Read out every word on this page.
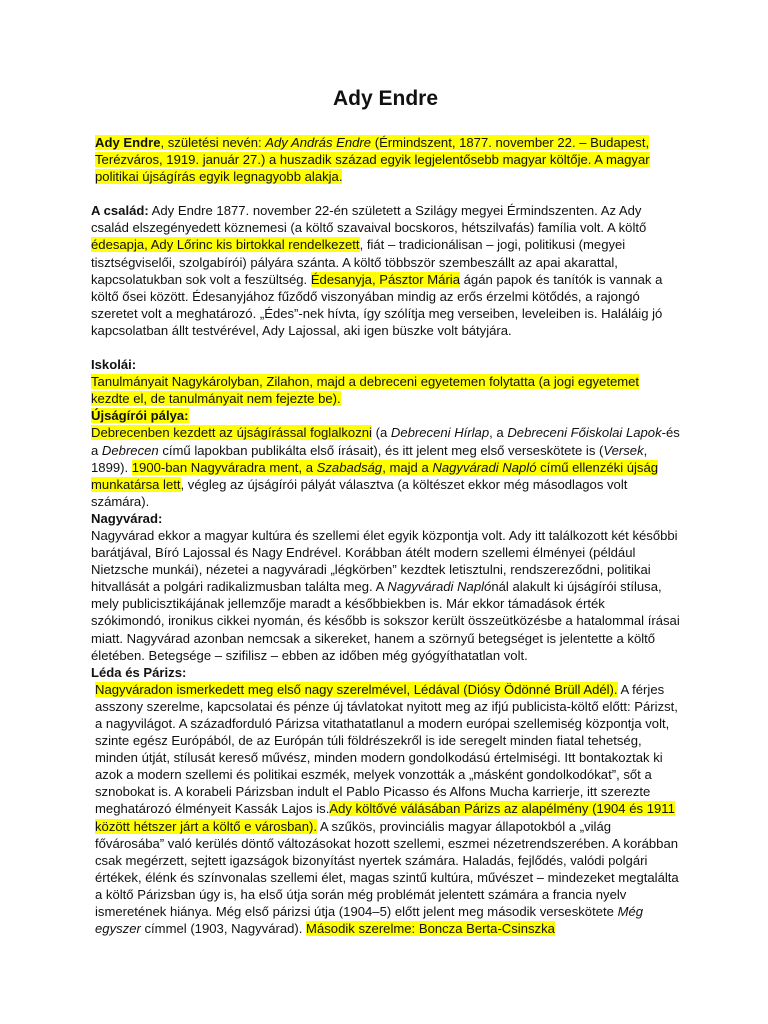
Ady Endre

Ady Endre, születési nevén: Ady András Endre (Érmindszent, 1877. november 22. – Budapest, Terézváros, 1919. január 27.) a huszadik század egyik legjelentősebb magyar költője. A magyar politikai újságírás egyik legnagyobb alakja.

A család: Ady Endre 1877. november 22-én született a Szilágy megyei Érmindszenten. Az Ady család elszegényedett köznemesi (a költő szavaival bocskoros, hétszilvafás) família volt. A költő édesapja, Ady Lőrinc kis birtokkal rendelkezett, fiát – tradicionálisan – jogi, politikusi (megyei tisztségviselői, szolgabírói) pályára szánta. A költő többször szembeszállt az apai akarattal, kapcsolatukban sok volt a feszültség. Édesanyja, Pásztor Mária ágán papok és tanítók is vannak a költő ősei között. Édesanyjához fűződő viszonyában mindig az erős érzelmi kötődés, a rajongó szeretet volt a meghatározó. „Édes”-nek hívta, így szólítja meg verseiben, leveleiben is. Haláláig jó kapcsolatban állt testvérével, Ady Lajossal, aki igen büszke volt bátyjára.

Iskolái:

Tanulmányait Nagykárolyban, Zilahon, majd a debreceni egyetemen folytatta (a jogi egyetemet kezdte el, de tanulmányait nem fejezte be).

Újságírói pálya:

Debrecenben kezdett az újságírással foglalkozni (a Debreceni Hírlap, a Debreceni Főiskolai Lapok-és a Debrecen című lapokban publikálta első írásait), és itt jelent meg első verseskötete is (Versek, 1899). 1900-ban Nagyváradra ment, a Szabadság, majd a Nagyváradi Napló című ellenzéki újság munkatársa lett, végleg az újságírói pályát választva (a költészet ekkor még másodlagos volt számára).

Nagyvárad:

Nagyvárad ekkor a magyar kultúra és szellemi élet egyik központja volt. Ady itt találkozott két későbbi barátjával, Bíró Lajossal és Nagy Endrével. Korábban átélt modern szellemi élményei (például Nietzsche munkái), nézetei a nagyváradi „légkörben” kezdtek letisztulni, rendszereződni, politikai hitvallását a polgári radikalizmusban találta meg. A Nagyváradi Naplónál alakult ki újságírói stílusa, mely publicisztikájának jellemzője maradt a későbbiekben is. Már ekkor támadások érték szókimondó, ironikus cikkei nyomán, és később is sokszor került összeütközésbe a hatalommal írásai miatt. Nagyvárad azonban nemcsak a sikereket, hanem a szörnyű betegséget is jelentette a költő életében. Betegsége – szifilisz – ebben az időben még gyógyíthatatlan volt.

Léda és Párizs:

Nagyváradon ismerkedett meg első nagy szerelmével, Lédával (Diósy Ödönné Brüll Adél). A férjes asszony szerelme, kapcsolatai és pénze új távlatokat nyitott meg az ifjú publicista-költő előtt: Párizst, a nagyvilágot. A századforduló Párizsa vitathatatlanul a modern európai szellemiség központja volt, szinte egész Európából, de az Európán túli földrészekről is ide seregelt minden fiatal tehetség, minden útját, stílusát kereső művész, minden modern gondolkodású értelmiségi. Itt bontakoztak ki azok a modern szellemi és politikai eszmék, melyek vonzották a „másként gondolkodókat”, sőt a sznobokat is. A korabeli Párizsban indult el Pablo Picasso és Alfons Mucha karrierje, itt szerezte meghatározó élményeit Kassák Lajos is.Ady költővé válásában Párizs az alapélmény (1904 és 1911 között hétszer járt a költő e városban). A szűkös, provinciális magyar állapotokból a „világ fővárosába” való kerülés döntő változásokat hozott szellemi, eszmei nézetrendszerében. A korábban csak megérzett, sejtett igazságok bizonyítást nyertek számára. Haladás, fejlődés, valódi polgári értékek, élénk és színvonalas szellemi élet, magas szintű kultúra, művészet – mindezeket megtalálta a költő Párizsban úgy is, ha első útja során még problémát jelentett számára a francia nyelv ismeretének hiánya. Még első párizsi útja (1904–5) előtt jelent meg második verseskötete Még egyszer címmel (1903, Nagyvárad). Második szerelme: Boncza Berta-Csinszka
